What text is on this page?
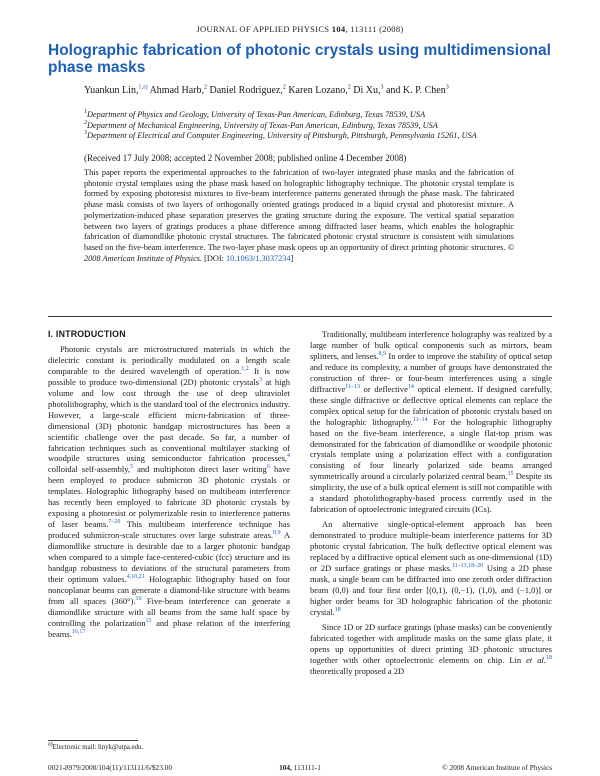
JOURNAL OF APPLIED PHYSICS 104, 113111 (2008)
Holographic fabrication of photonic crystals using multidimensional phase masks
Yuankun Lin,$^{1,a)}$ Ahmad Harb,$^2$ Daniel Rodriguez,$^2$ Karen Lozano,$^2$ Di Xu,$^3$ and K. P. Chen$^3$
$^1$Department of Physics and Geology, University of Texas-Pan American, Edinburg, Texas 78539, USA
$^2$Department of Mechanical Engineering, University of Texas-Pan American, Edinburg, Texas 78539, USA
$^3$Department of Electrical and Computer Engineering, University of Pittsburgh, Pittsburgh, Pennsylvania 15261, USA
(Received 17 July 2008; accepted 2 November 2008; published online 4 December 2008)
This paper reports the experimental approaches to the fabrication of two-layer integrated phase masks and the fabrication of photonic crystal templates using the phase mask based on holographic lithography technique. The photonic crystal template is formed by exposing photoresist mixtures to five-beam interference patterns generated through the phase mask. The fabricated phase mask consists of two layers of orthogonally oriented gratings produced in a liquid crystal and photoresist mixture. A polymerization-induced phase separation preserves the grating structure during the exposure. The vertical spatial separation between two layers of gratings produces a phase difference among diffracted laser beams, which enables the holographic fabrication of diamondlike photonic crystal structures. The fabricated photonic crystal structure is consistent with simulations based on the five-beam interference. The two-layer phase mask opens up an opportunity of direct printing photonic structures. © 2008 American Institute of Physics. [DOI: 10.1063/1.3037234]

I. INTRODUCTION

Photonic crystals are microstructured materials in which the dielectric constant is periodically modulated on a length scale comparable to the desired wavelength of operation.$^{1,2}$ It is now possible to produce two-dimensional (2D) photonic crystals$^3$ at high volume and low cost through the use of deep ultraviolet photolithography, which is the standard tool of the electronics industry. However, a large-scale efficient micro-fabrication of three-dimensional (3D) photonic bandgap microstructures has been a scientific challenge over the past decade. So far, a number of fabrication techniques such as conventional multilayer stacking of woodpile structures using semiconductor fabrication processes,$^4$ colloidal self-assembly,$^5$ and multiphoton direct laser writing$^6$ have been employed to produce submicron 3D photonic crystals or templates. Holographic lithography based on multibeam interference has recently been employed to fabricate 3D photonic crystals by exposing a photoresist or polymerizable resin to interference patterns of laser beams.$^{7-20}$ This multibeam interference technique has produced submicron-scale structures over large substrate areas.$^{8,9}$ A diamondlike structure is desirable due to a larger photonic bandgap when compared to a simple face-centered-cubic (fcc) structure and its bandgap robustness to deviations of the structural parameters from their optimum values.$^{4,10,21}$ Holographic lithography based on four noncoplanar beams can generate a diamond-like structure with beams from all spaces (360°).$^{10}$ Five-beam interference can generate a diamondlike structure with all beams from the same half space by controlling the polarization$^{15}$ and phase relation of the interfering beams.$^{16,17}$

Traditionally, multibeam interference holography was realized by a large number of bulk optical components such as mirrors, beam splitters, and lenses.$^{8,9}$ In order to improve the stability of optical setup and reduce its complexity, a number of groups have demonstrated the construction of three- or four-beam interferences using a single diffractive$^{11-13}$ or deflective$^{14}$ optical element. If designed carefully, these single diffractive or deflective optical elements can replace the complex optical setup for the fabrication of photonic crystals based on the holographic lithography.$^{11-14}$ For the holographic lithography based on the five-beam interference, a single flat-top prism was demonstrated for the fabrication of diamondlike or woodpile photonic crystals template using a polarization effect with a configuration consisting of four linearly polarized side beams arranged symmetrically around a circularly polarized central beam.$^{15}$ Despite its simplicity, the use of a bulk optical element is still not compatible with a standard photolithography-based process currently used in the fabrication of optoelectronic integrated circuits (ICs).

An alternative single-optical-element approach has been demonstrated to produce multiple-beam interference patterns for 3D photonic crystal fabrication. The bulk deflective optical element was replaced by a diffractive optical element such as one-dimensional (1D) or 2D surface gratings or phase masks.$^{11-13,18-20}$ Using a 2D phase mask, a single beam can be diffracted into one zeroth order diffraction beam (0,0) and four first order [(0,1), (0,−1), (1,0), and (−1,0)] or higher order beams for 3D holographic fabrication of the photonic crystal.$^{18}$

Since 1D or 2D surface gratings (phase masks) can be conveniently fabricated together with amplitude masks on the same glass plate, it opens up opportunities of direct printing 3D photonic structures together with other optoelectronic elements on chip. Lin et al.$^{18}$ theoretically proposed a 2D

$^{a)}$Electronic mail: linyk@utpa.edu.
0021-8979/2008/104(11)/113111/6/$23.00	104, 113111-1	© 2008 American Institute of Physics
